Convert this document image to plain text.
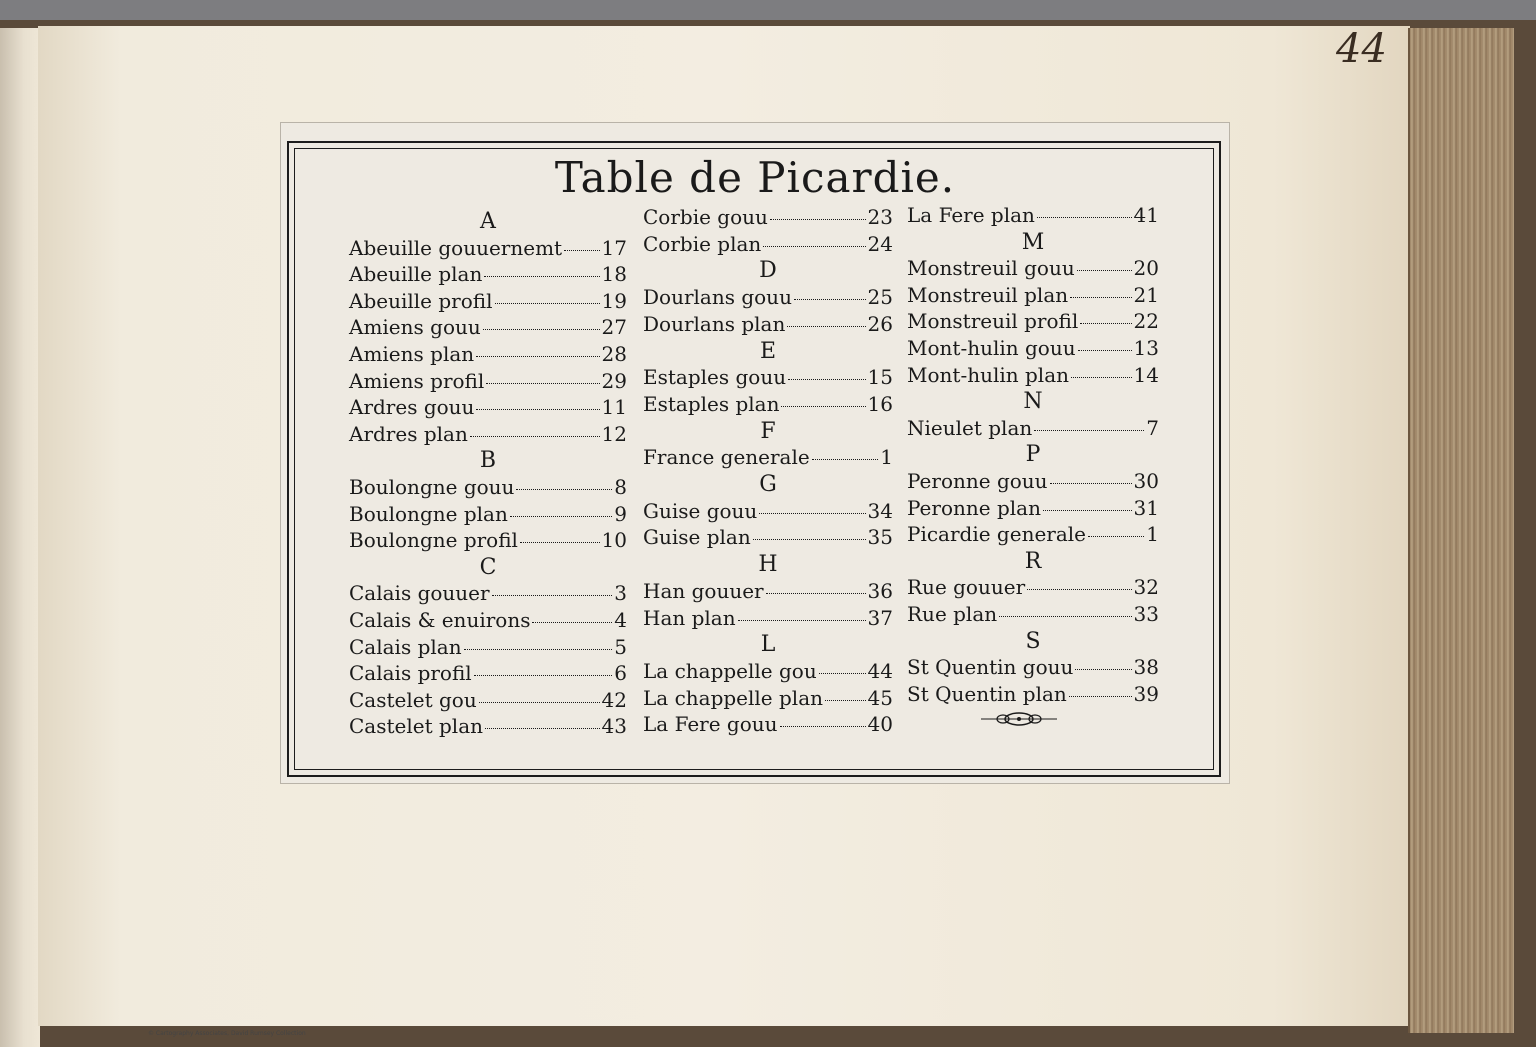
44
Table de Picardie.
A
Abeuille gouuernemt 17
Abeuille plan	18
Abeuille profil	19
Amiens gouu	27
Amiens plan	28
Amiens profil	29
Ardres gouu	11
Ardres plan	12
B
Boulongne gouu	8
Boulongne plan	9
Boulongne profil	10
C
Calais gouuer	3
Calais & enuirons	4
Calais plan	5
Calais profil	6
Castelet gou	42
Castelet plan	43
Corbie gouu	23
Corbie plan	24
D
Dourlans gouu	25
Dourlans plan	26
E
Estaples gouu	15
Estaples plan	16
F
France generale	1
G
Guise gouu	34
Guise plan	35
H
Han gouuer	36
Han plan	37
L
La chappelle gou	44
La chappelle plan 45
La Fere gouu	40
La Fere plan	41
M
Monstreuil gouu	20
Monstreuil plan	21
Monstreuil profil	22
Mont-hulin gouu	13
Mont-hulin plan	14
N
Nieulet plan	7
P
Peronne gouu	30
Peronne plan	31
Picardie generale	1
R
Rue gouuer	32
Rue plan	33
S
St Quentin gouu	38
St Quentin plan	39
© Cartography Associates, David Rumsey Collection
